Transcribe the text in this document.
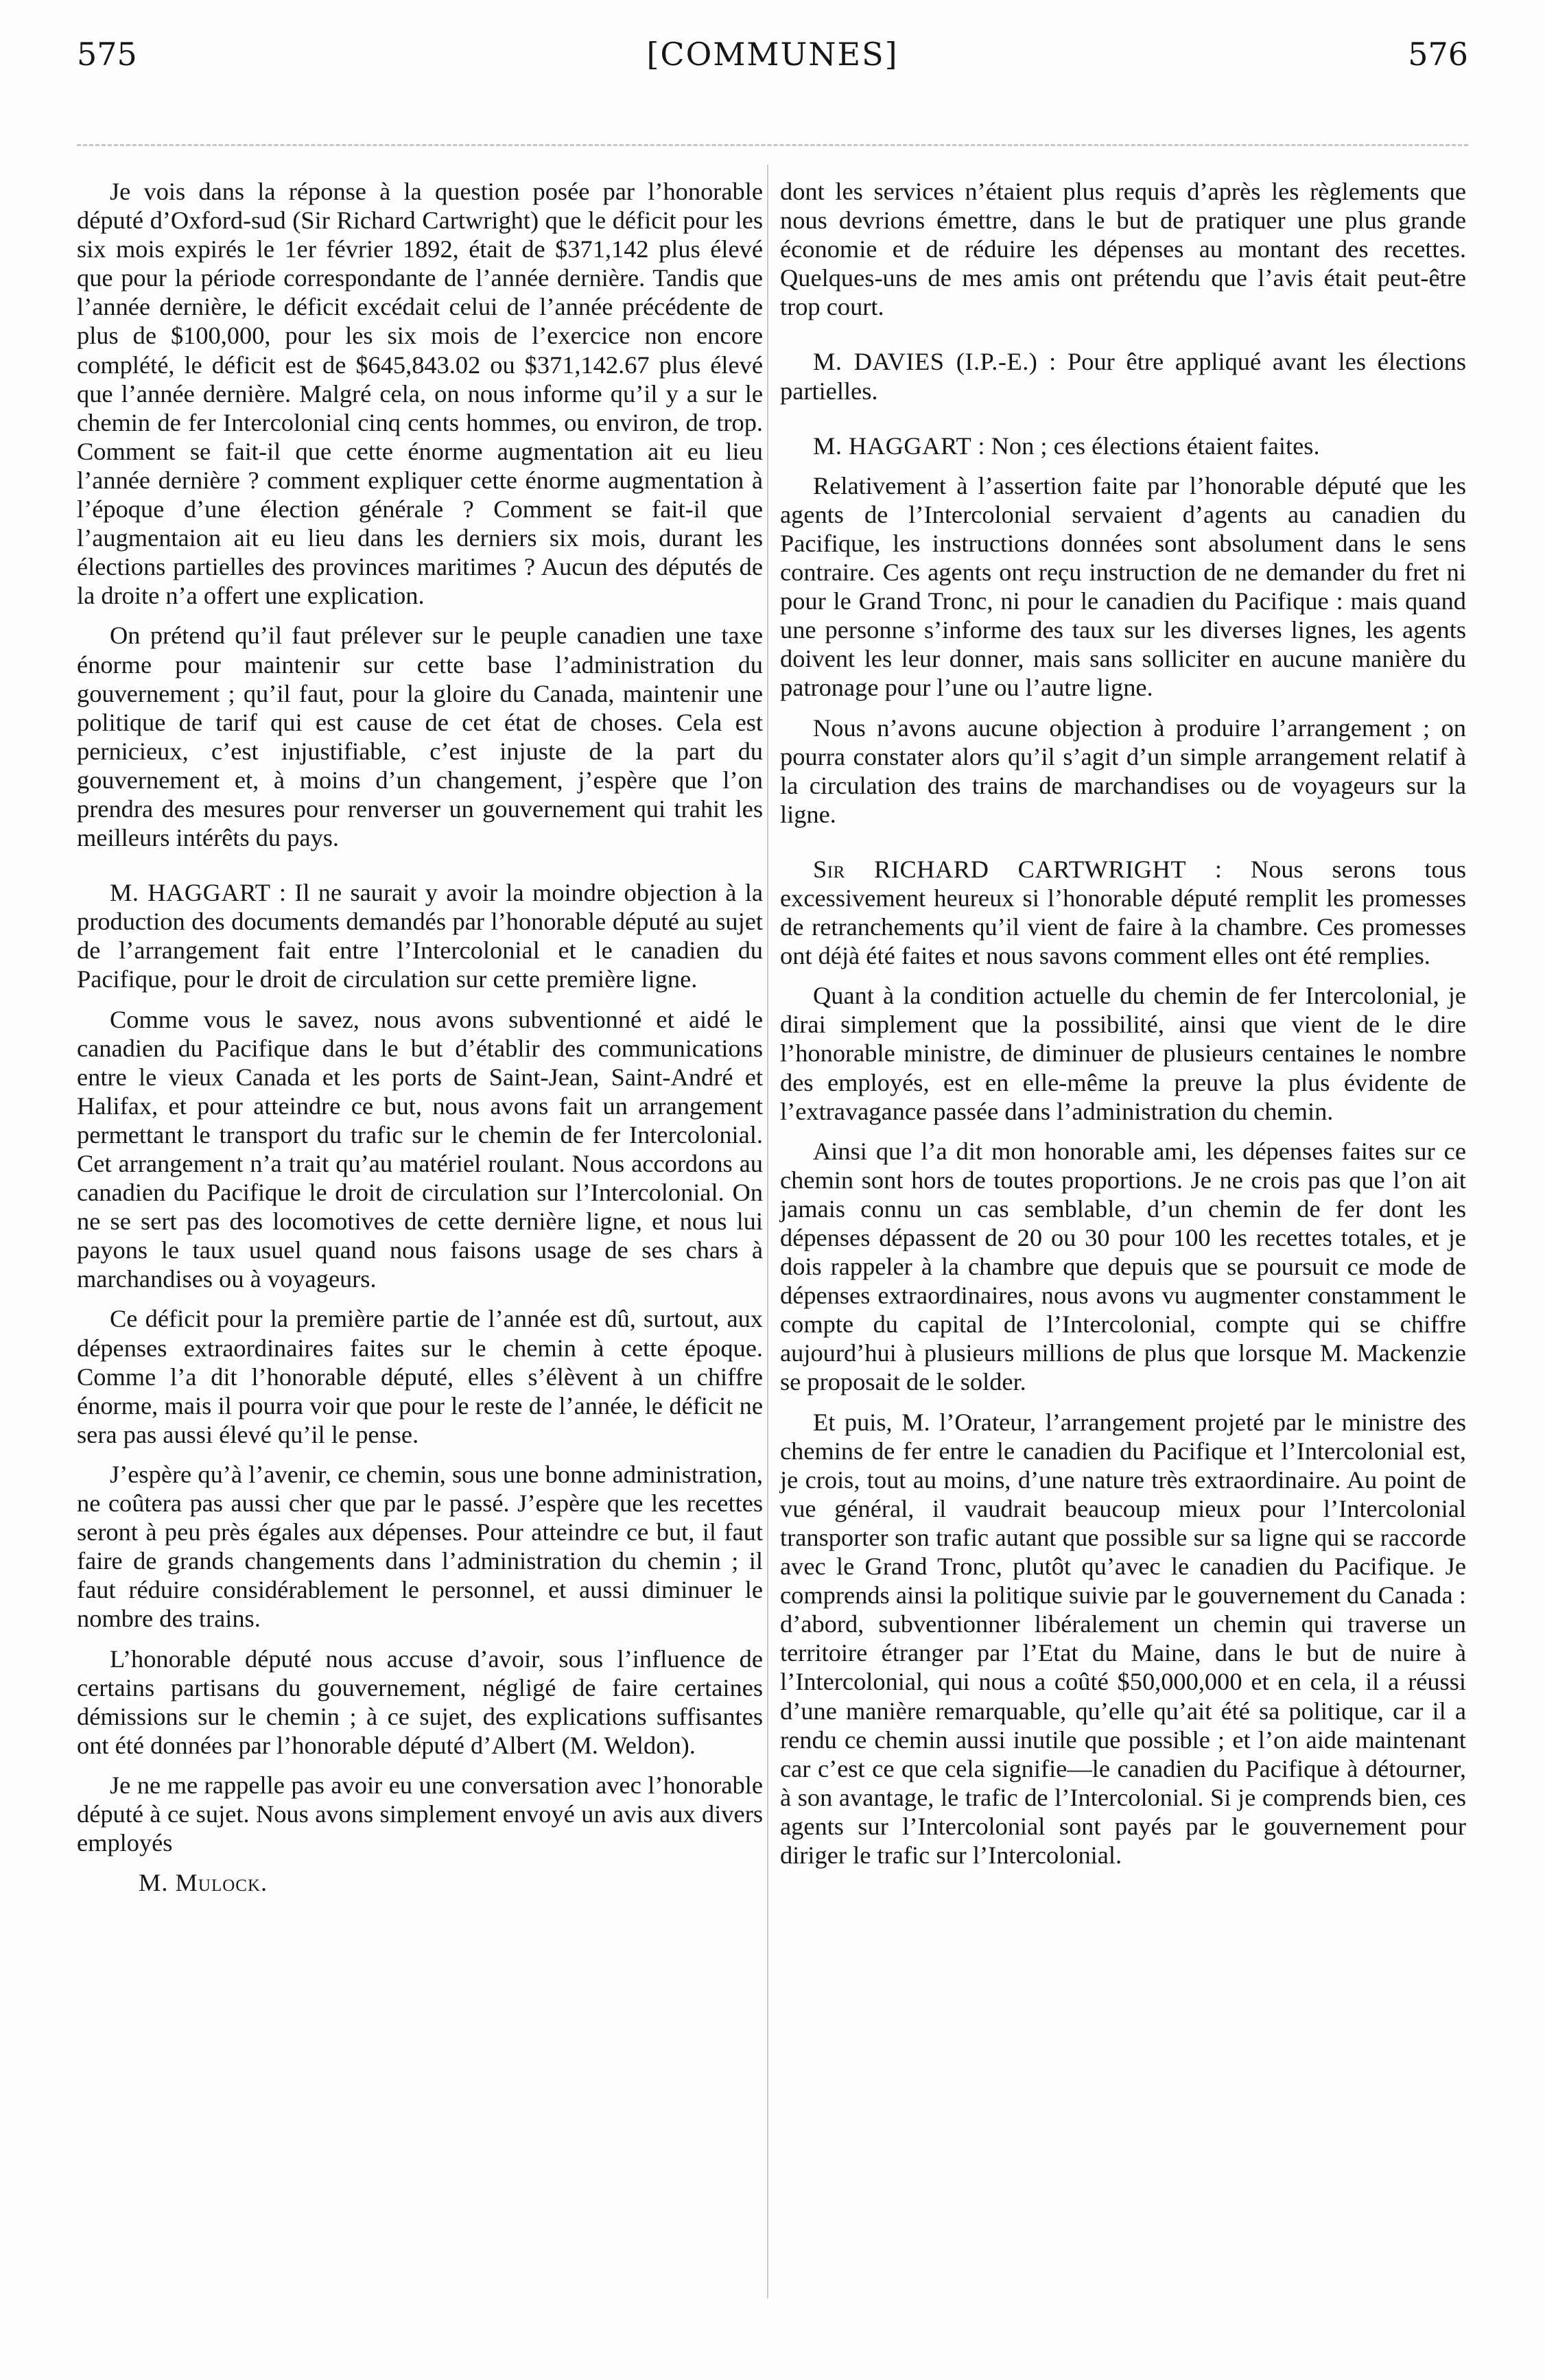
575	[COMMUNES]	576

Je vois dans la réponse à la question posée par l’honorable député d’Oxford-sud (Sir Richard Cartwright) que le déficit pour les six mois expirés le 1er février 1892, était de $371,142 plus élevé que pour la période correspondante de l’année dernière. Tandis que l’année dernière, le déficit excédait celui de l’année précédente de plus de $100,000, pour les six mois de l’exercice non encore complété, le déficit est de $645,843.02 ou $371,142.67 plus élevé que l’année dernière. Malgré cela, on nous informe qu’il y a sur le chemin de fer Intercolonial cinq cents hommes, ou environ, de trop. Comment se fait-il que cette énorme augmentation ait eu lieu l’année dernière ? comment expliquer cette énorme augmentation à l’époque d’une élection générale ? Comment se fait-il que l’augmentaion ait eu lieu dans les derniers six mois, durant les élections partielles des provinces maritimes ? Aucun des députés de la droite n’a offert une explication.

On prétend qu’il faut prélever sur le peuple canadien une taxe énorme pour maintenir sur cette base l’administration du gouvernement ; qu’il faut, pour la gloire du Canada, maintenir une politique de tarif qui est cause de cet état de choses. Cela est pernicieux, c’est injustifiable, c’est injuste de la part du gouvernement et, à moins d’un changement, j’espère que l’on prendra des mesures pour renverser un gouvernement qui trahit les meilleurs intérêts du pays.

M. HAGGART : Il ne saurait y avoir la moindre objection à la production des documents demandés par l’honorable député au sujet de l’arrangement fait entre l’Intercolonial et le canadien du Pacifique, pour le droit de circulation sur cette première ligne.

Comme vous le savez, nous avons subventionné et aidé le canadien du Pacifique dans le but d’établir des communications entre le vieux Canada et les ports de Saint-Jean, Saint-André et Halifax, et pour atteindre ce but, nous avons fait un arrangement permettant le transport du trafic sur le chemin de fer Intercolonial. Cet arrangement n’a trait qu’au matériel roulant. Nous accordons au canadien du Pacifique le droit de circulation sur l’Intercolonial. On ne se sert pas des locomotives de cette dernière ligne, et nous lui payons le taux usuel quand nous faisons usage de ses chars à marchandises ou à voyageurs.

Ce déficit pour la première partie de l’année est dû, surtout, aux dépenses extraordinaires faites sur le chemin à cette époque. Comme l’a dit l’honorable député, elles s’élèvent à un chiffre énorme, mais il pourra voir que pour le reste de l’année, le déficit ne sera pas aussi élevé qu’il le pense.

J’espère qu’à l’avenir, ce chemin, sous une bonne administration, ne coûtera pas aussi cher que par le passé. J’espère que les recettes seront à peu près égales aux dépenses. Pour atteindre ce but, il faut faire de grands changements dans l’administration du chemin ; il faut réduire considérablement le personnel, et aussi diminuer le nombre des trains.

L’honorable député nous accuse d’avoir, sous l’influence de certains partisans du gouvernement, négligé de faire certaines démissions sur le chemin ; à ce sujet, des explications suffisantes ont été données par l’honorable député d’Albert (M. Weldon).

Je ne me rappelle pas avoir eu une conversation avec l’honorable député à ce sujet. Nous avons simplement envoyé un avis aux divers employés

M. Mulock.

dont les services n’étaient plus requis d’après les règlements que nous devrions émettre, dans le but de pratiquer une plus grande économie et de réduire les dépenses au montant des recettes. Quelques-uns de mes amis ont prétendu que l’avis était peut-être trop court.

M. DAVIES (I.P.-E.) : Pour être appliqué avant les élections partielles.

M. HAGGART : Non ; ces élections étaient faites.

Relativement à l’assertion faite par l’honorable député que les agents de l’Intercolonial servaient d’agents au canadien du Pacifique, les instructions données sont absolument dans le sens contraire. Ces agents ont reçu instruction de ne demander du fret ni pour le Grand Tronc, ni pour le canadien du Pacifique : mais quand une personne s’informe des taux sur les diverses lignes, les agents doivent les leur donner, mais sans solliciter en aucune manière du patronage pour l’une ou l’autre ligne.

Nous n’avons aucune objection à produire l’arrangement ; on pourra constater alors qu’il s’agit d’un simple arrangement relatif à la circulation des trains de marchandises ou de voyageurs sur la ligne.

Sir RICHARD CARTWRIGHT : Nous serons tous excessivement heureux si l’honorable député remplit les promesses de retranchements qu’il vient de faire à la chambre. Ces promesses ont déjà été faites et nous savons comment elles ont été remplies.

Quant à la condition actuelle du chemin de fer Intercolonial, je dirai simplement que la possibilité, ainsi que vient de le dire l’honorable ministre, de diminuer de plusieurs centaines le nombre des employés, est en elle-même la preuve la plus évidente de l’extravagance passée dans l’administration du chemin.

Ainsi que l’a dit mon honorable ami, les dépenses faites sur ce chemin sont hors de toutes proportions. Je ne crois pas que l’on ait jamais connu un cas semblable, d’un chemin de fer dont les dépenses dépassent de 20 ou 30 pour 100 les recettes totales, et je dois rappeler à la chambre que depuis que se poursuit ce mode de dépenses extraordinaires, nous avons vu augmenter constamment le compte du capital de l’Intercolonial, compte qui se chiffre aujourd’hui à plusieurs millions de plus que lorsque M. Mackenzie se proposait de le solder.

Et puis, M. l’Orateur, l’arrangement projeté par le ministre des chemins de fer entre le canadien du Pacifique et l’Intercolonial est, je crois, tout au moins, d’une nature très extraordinaire. Au point de vue général, il vaudrait beaucoup mieux pour l’Intercolonial transporter son trafic autant que possible sur sa ligne qui se raccorde avec le Grand Tronc, plutôt qu’avec le canadien du Pacifique. Je comprends ainsi la politique suivie par le gouvernement du Canada : d’abord, subventionner libéralement un chemin qui traverse un territoire étranger par l’Etat du Maine, dans le but de nuire à l’Intercolonial, qui nous a coûté $50,000,000 et en cela, il a réussi d’une manière remarquable, qu’elle qu’ait été sa politique, car il a rendu ce chemin aussi inutile que possible ; et l’on aide maintenant car c’est ce que cela signifie—le canadien du Pacifique à détourner, à son avantage, le trafic de l’Intercolonial. Si je comprends bien, ces agents sur l’Intercolonial sont payés par le gouvernement pour diriger le trafic sur l’Intercolonial.
